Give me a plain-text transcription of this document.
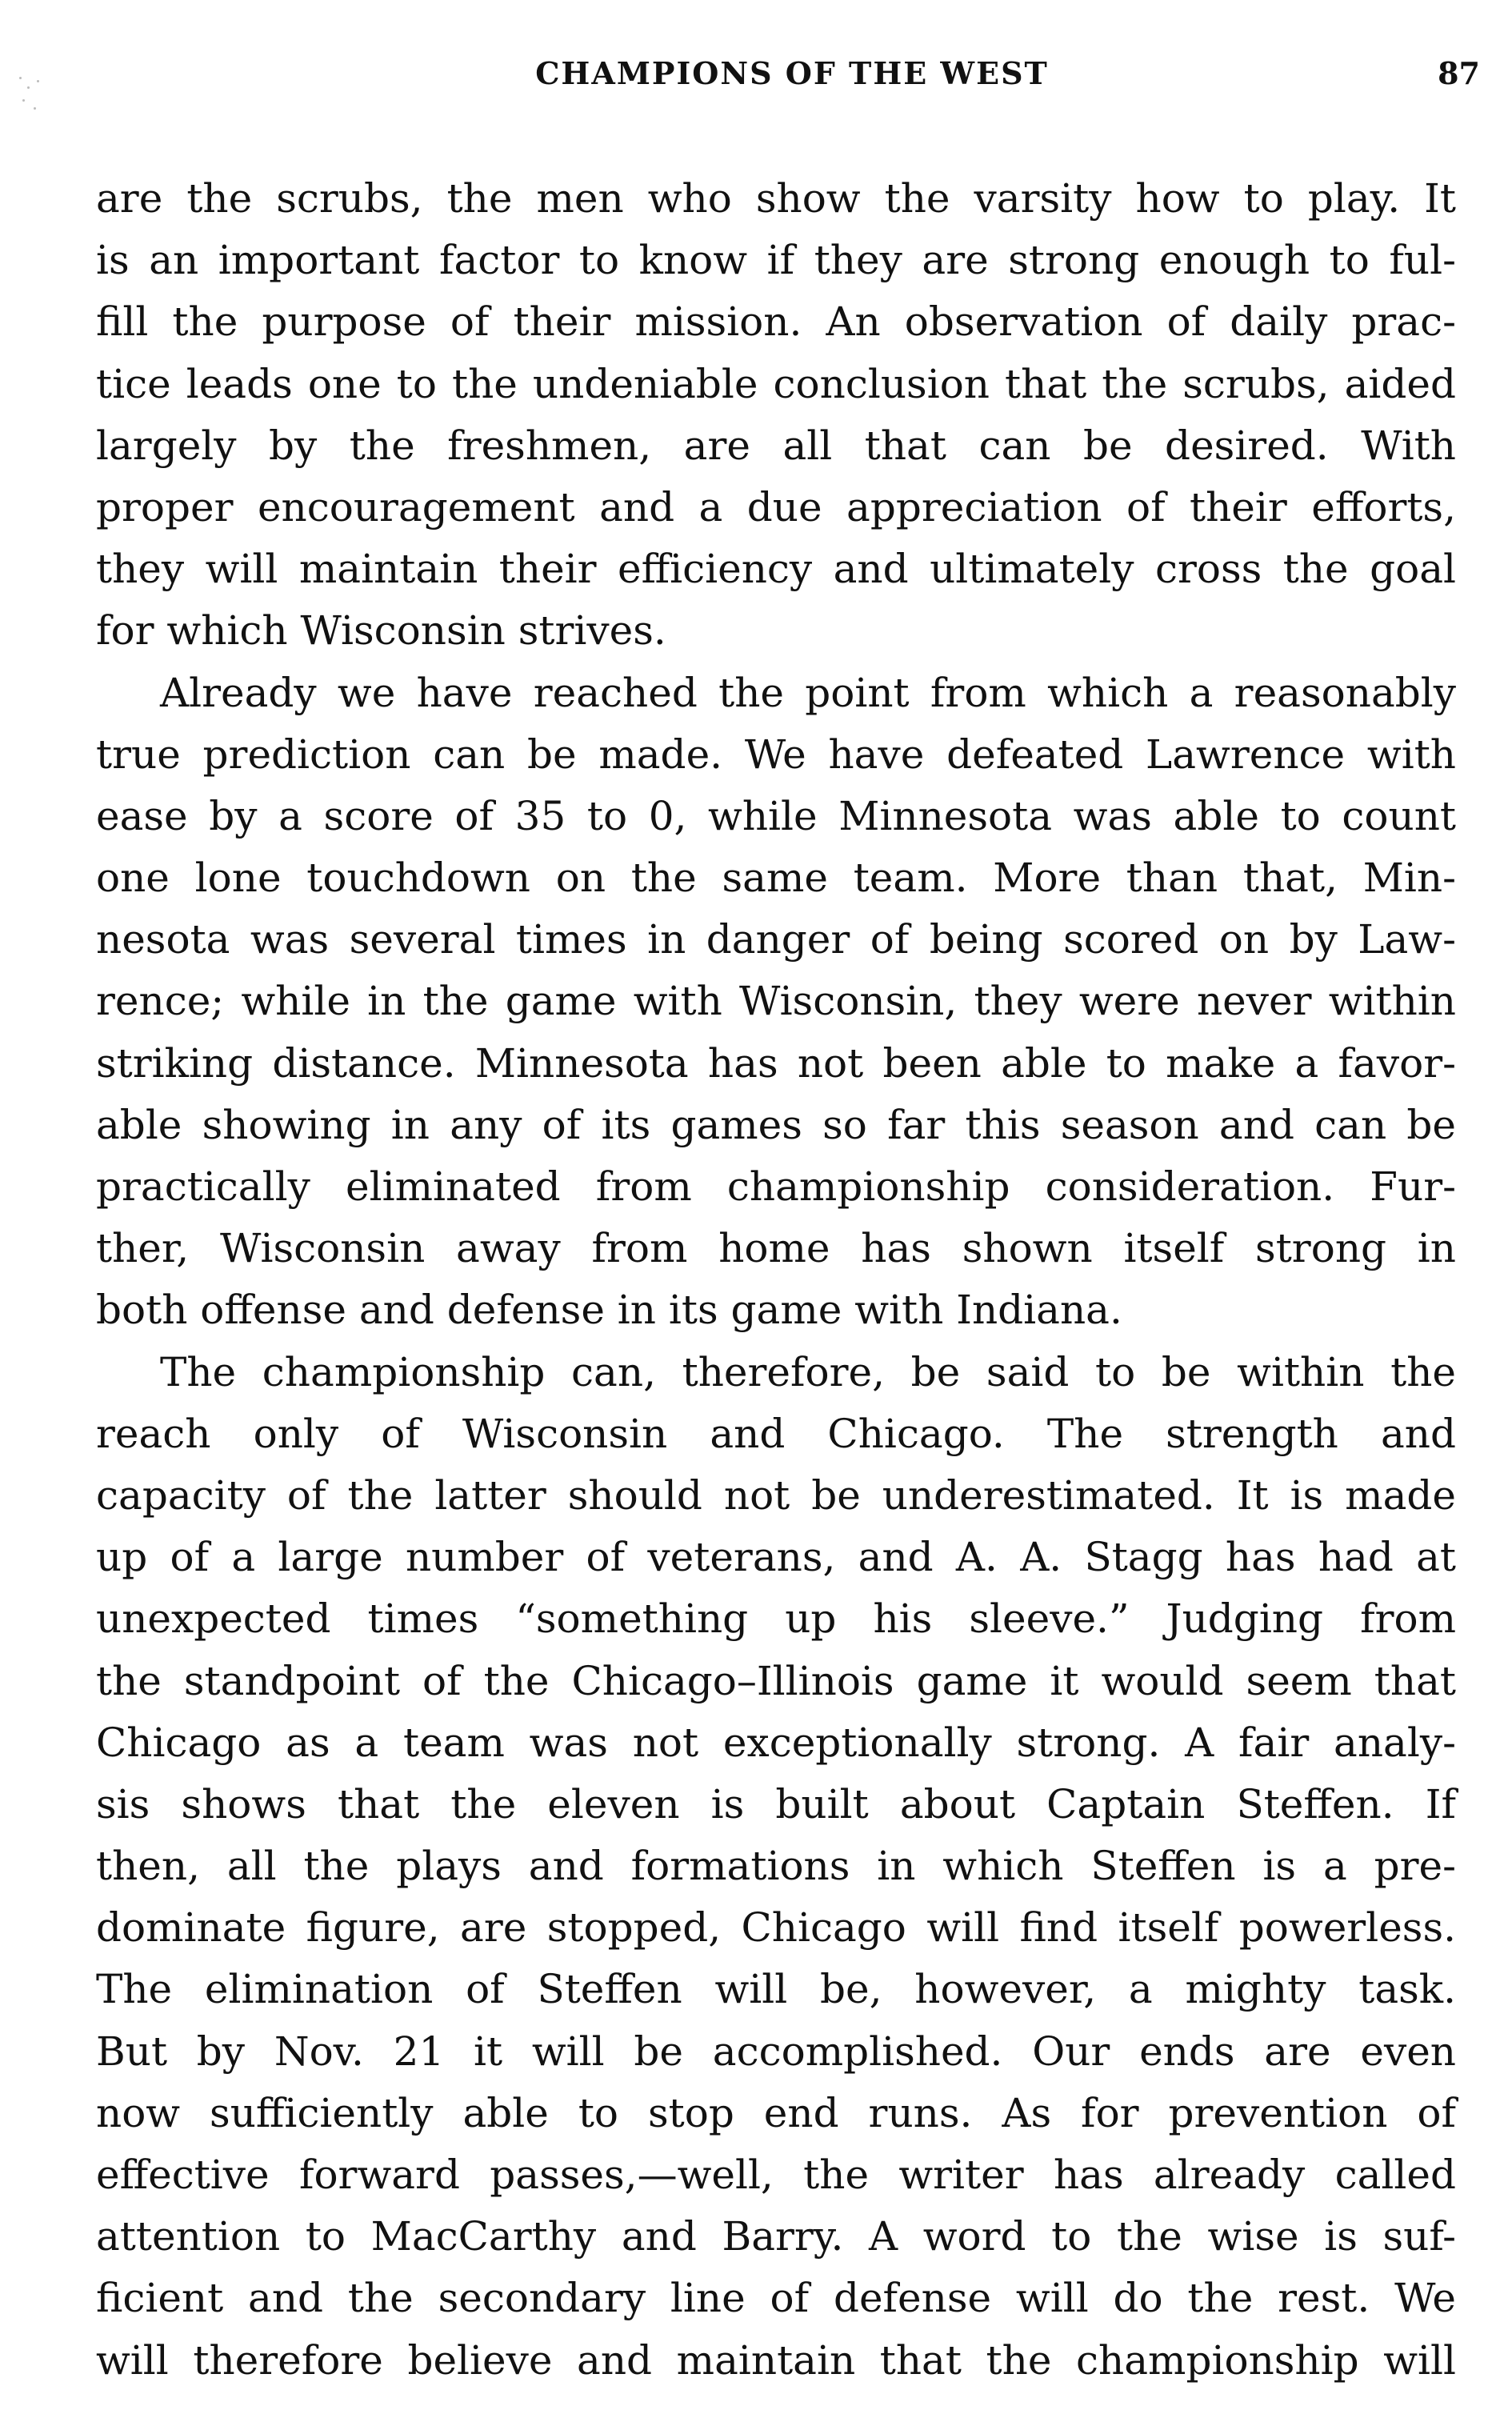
CHAMPIONS OF THE WEST	87
are the scrubs, the men who show the varsity how to play. It
is an important factor to know if they are strong enough to ful-
fill the purpose of their mission. An observation of daily prac-
tice leads one to the undeniable conclusion that the scrubs, aided
largely by the freshmen, are all that can be desired. With
proper encouragement and a due appreciation of their efforts,
they will maintain their efficiency and ultimately cross the goal
for which Wisconsin strives.
Already we have reached the point from which a reasonably
true prediction can be made. We have defeated Lawrence with
ease by a score of 35 to 0, while Minnesota was able to count
one lone touchdown on the same team. More than that, Min-
nesota was several times in danger of being scored on by Law-
rence; while in the game with Wisconsin, they were never within
striking distance. Minnesota has not been able to make a favor-
able showing in any of its games so far this season and can be
practically eliminated from championship consideration. Fur-
ther, Wisconsin away from home has shown itself strong in
both offense and defense in its game with Indiana.
The championship can, therefore, be said to be within the
reach only of Wisconsin and Chicago. The strength and
capacity of the latter should not be underestimated. It is made
up of a large number of veterans, and A. A. Stagg has had at
unexpected times “something up his sleeve.” Judging from
the standpoint of the Chicago–Illinois game it would seem that
Chicago as a team was not exceptionally strong. A fair analy-
sis shows that the eleven is built about Captain Steffen. If
then, all the plays and formations in which Steffen is a pre-
dominate figure, are stopped, Chicago will find itself powerless.
The elimination of Steffen will be, however, a mighty task.
But by Nov. 21 it will be accomplished. Our ends are even
now sufficiently able to stop end runs. As for prevention of
effective forward passes,—well, the writer has already called
attention to MacCarthy and Barry. A word to the wise is suf-
ficient and the secondary line of defense will do the rest. We
will therefore believe and maintain that the championship will
